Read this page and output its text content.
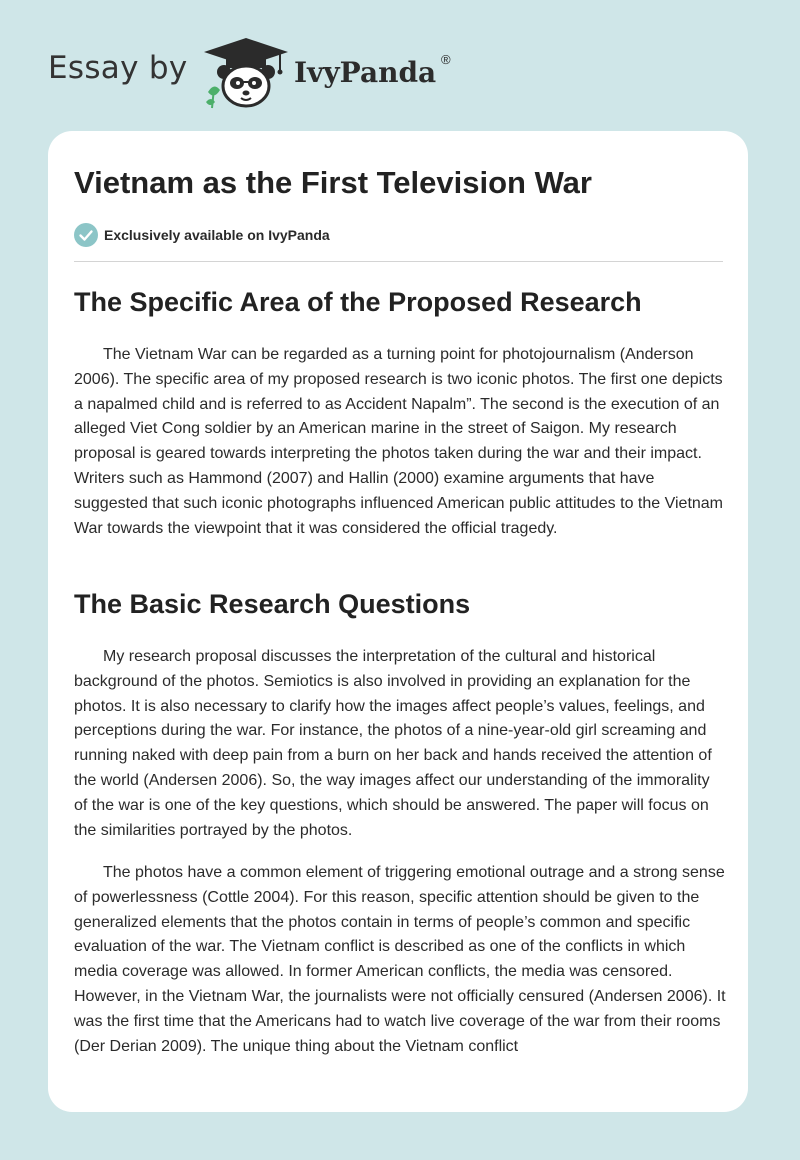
Essay by	IvyPanda ®
Vietnam as the First Television War
Exclusively available on IvyPanda
The Specific Area of the Proposed Research

The Vietnam War can be regarded as a turning point for photojournalism (Anderson 2006). The specific area of my proposed research is two iconic photos. The first one depicts a napalmed child and is referred to as Accident Napalm”. The second is the execution of an alleged Viet Cong soldier by an American marine in the street of Saigon. My research proposal is geared towards interpreting the photos taken during the war and their impact. Writers such as Hammond (2007) and Hallin (2000) examine arguments that have suggested that such iconic photographs influenced American public attitudes to the Vietnam War towards the viewpoint that it was considered the official tragedy.

The Basic Research Questions

My research proposal discusses the interpretation of the cultural and historical background of the photos. Semiotics is also involved in providing an explanation for the photos. It is also necessary to clarify how the images affect people’s values, feelings, and perceptions during the war. For instance, the photos of a nine-year-old girl screaming and running naked with deep pain from a burn on her back and hands received the attention of the world (Andersen 2006). So, the way images affect our understanding of the immorality of the war is one of the key questions, which should be answered. The paper will focus on the similarities portrayed by the photos.

The photos have a common element of triggering emotional outrage and a strong sense of powerlessness (Cottle 2004). For this reason, specific attention should be given to the generalized elements that the photos contain in terms of people’s common and specific evaluation of the war. The Vietnam conflict is described as one of the conflicts in which media coverage was allowed. In former American conflicts, the media was censored. However, in the Vietnam War, the journalists were not officially censured (Andersen 2006). It was the first time that the Americans had to watch live coverage of the war from their rooms (Der Derian 2009). The unique thing about the Vietnam conflict
